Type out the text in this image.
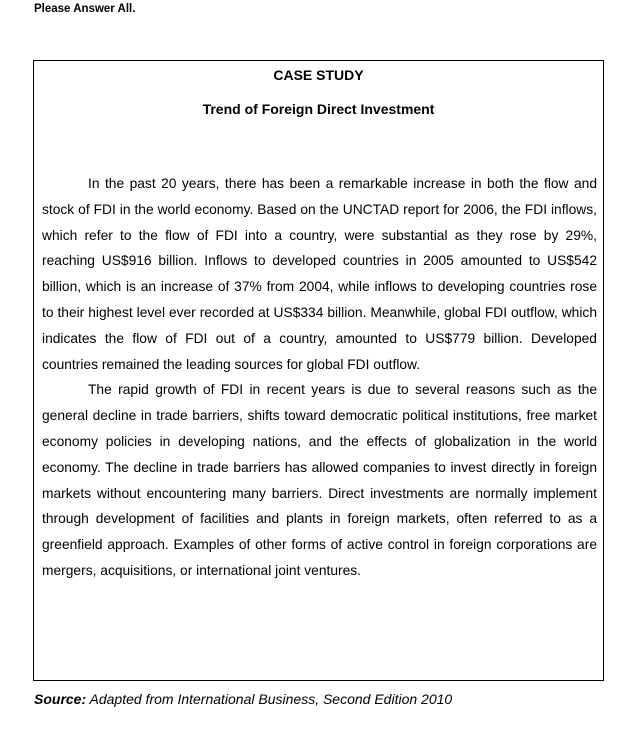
Please Answer All.

CASE STUDY
Trend of Foreign Direct Investment

In the past 20 years, there has been a remarkable increase in both the flow and stock of FDI in the world economy. Based on the UNCTAD report for 2006, the FDI inflows, which refer to the flow of FDI into a country, were substantial as they rose by 29%, reaching US$916 billion. Inflows to developed countries in 2005 amounted to US$542 billion, which is an increase of 37% from 2004, while inflows to developing countries rose to their highest level ever recorded at US$334 billion. Meanwhile, global FDI outflow, which indicates the flow of FDI out of a country, amounted to US$779 billion. Developed countries remained the leading sources for global FDI outflow.

The rapid growth of FDI in recent years is due to several reasons such as the general decline in trade barriers, shifts toward democratic political institutions, free market economy policies in developing nations, and the effects of globalization in the world economy. The decline in trade barriers has allowed companies to invest directly in foreign markets without encountering many barriers. Direct investments are normally implement through development of facilities and plants in foreign markets, often referred to as a greenfield approach. Examples of other forms of active control in foreign corporations are mergers, acquisitions, or international joint ventures.

Source: Adapted from International Business, Second Edition 2010
